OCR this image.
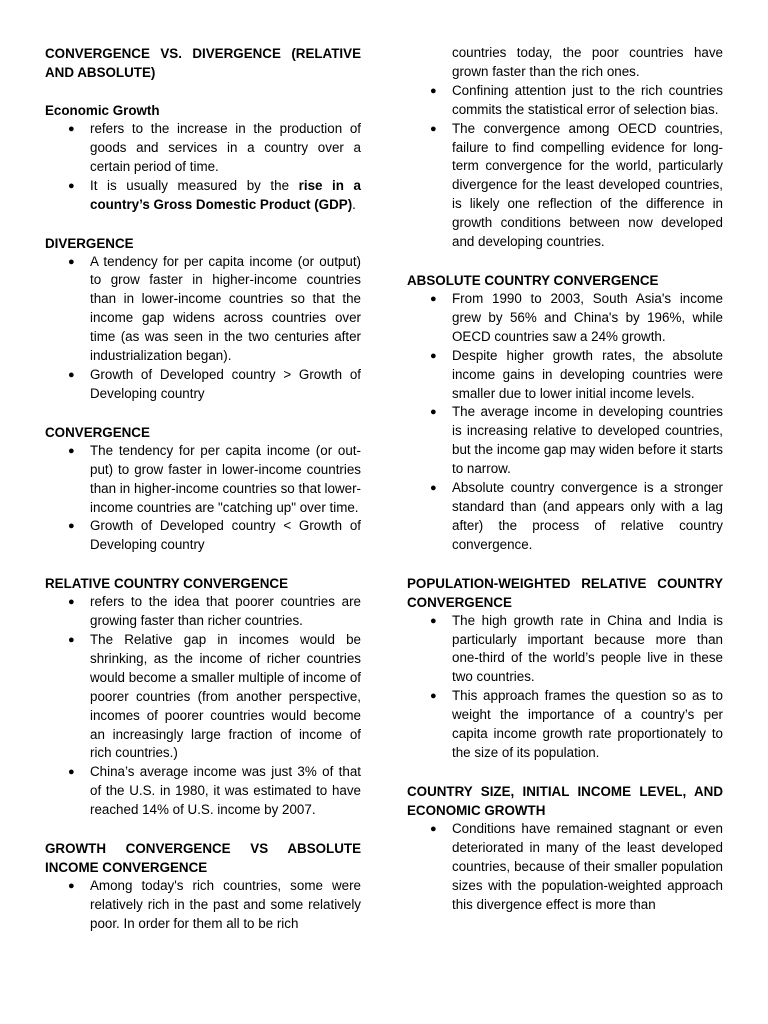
CONVERGENCE VS. DIVERGENCE (RELATIVE AND ABSOLUTE)

Economic Growth

● refers to the increase in the production of goods and services in a country over a certain period of time.
● It is usually measured by the rise in a country’s Gross Domestic Product (GDP).

DIVERGENCE

● A tendency for per capita income (or output) to grow faster in higher-income countries than in lower-income countries so that the income gap widens across countries over time (as was seen in the two centuries after industrialization began).
● Growth of Developed country > Growth of Developing country

CONVERGENCE

● The tendency for per capita income (or out-put) to grow faster in lower-income countries than in higher-income countries so that lower-income countries are "catching up" over time.
● Growth of Developed country < Growth of Developing country

RELATIVE COUNTRY CONVERGENCE

● refers to the idea that poorer countries are growing faster than richer countries.
● The Relative gap in incomes would be shrinking, as the income of richer countries would become a smaller multiple of income of poorer countries (from another perspective, incomes of poorer countries would become an increasingly large fraction of income of rich countries.)
● China’s average income was just 3% of that of the U.S. in 1980, it was estimated to have reached 14% of U.S. income by 2007.

GROWTH CONVERGENCE VS ABSOLUTE INCOME CONVERGENCE

● Among today's rich countries, some were relatively rich in the past and some relatively poor. In order for them all to be rich

countries today, the poor countries have grown faster than the rich ones.

● Confining attention just to the rich countries commits the statistical error of selection bias.
● The convergence among OECD countries, failure to find compelling evidence for long-term convergence for the world, particularly divergence for the least developed countries, is likely one reflection of the difference in growth conditions between now developed and developing countries.

ABSOLUTE COUNTRY CONVERGENCE

● From 1990 to 2003, South Asia's income grew by 56% and China's by 196%, while OECD countries saw a 24% growth.
● Despite higher growth rates, the absolute income gains in developing countries were smaller due to lower initial income levels.
● The average income in developing countries is increasing relative to developed countries, but the income gap may widen before it starts to narrow.
● Absolute country convergence is a stronger standard than (and appears only with a lag after) the process of relative country convergence.

POPULATION-WEIGHTED RELATIVE COUNTRY CONVERGENCE

● The high growth rate in China and India is particularly important because more than one-third of the world’s people live in these two countries.
● This approach frames the question so as to weight the importance of a country’s per capita income growth rate proportionately to the size of its population.

COUNTRY SIZE, INITIAL INCOME LEVEL, AND ECONOMIC GROWTH

● Conditions have remained stagnant or even deteriorated in many of the least developed countries, because of their smaller population sizes with the population-weighted approach this divergence effect is more than
